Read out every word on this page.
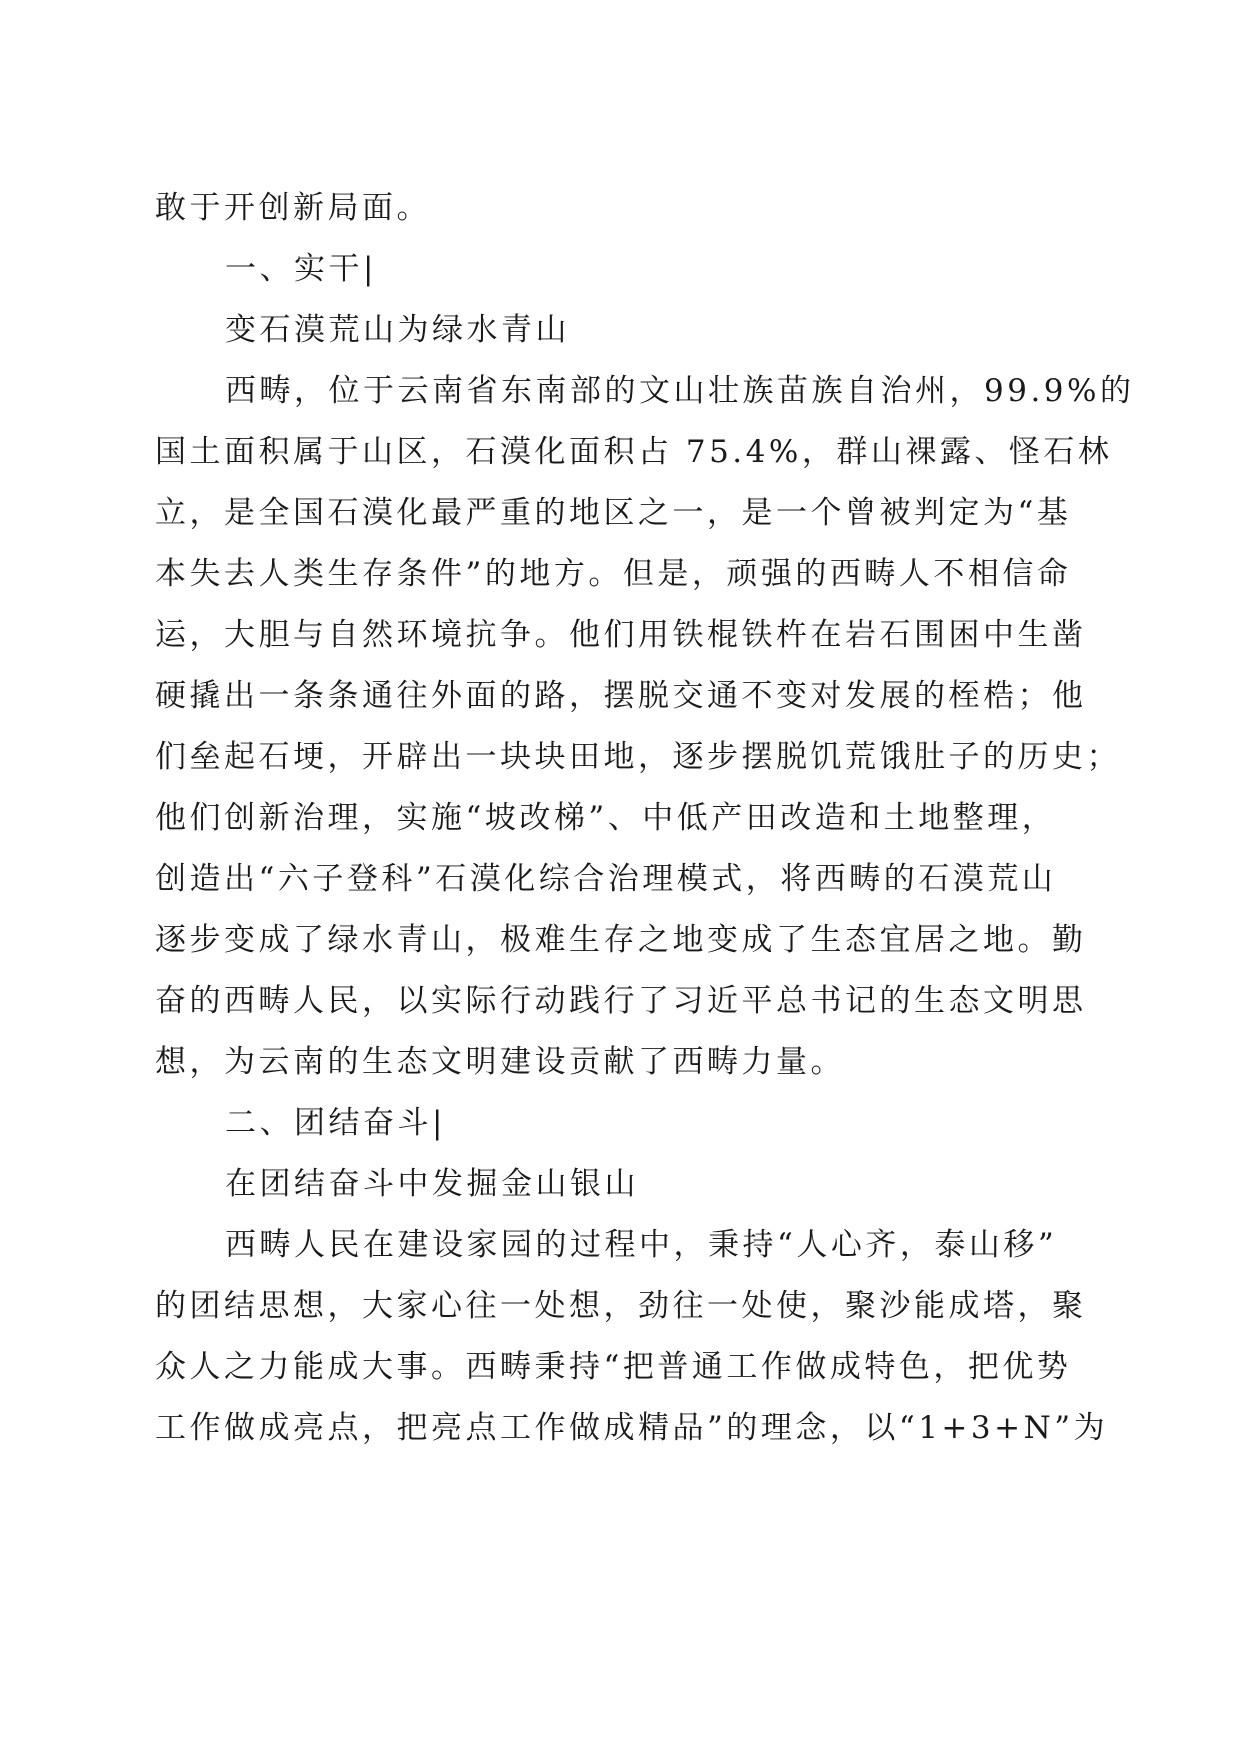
敢于开创新局面。
一、实干|
变石漠荒山为绿水青山
西畴，位于云南省东南部的文山壮族苗族自治州，99.9%的
国土面积属于山区，石漠化面积占 75.4%，群山裸露、怪石林
立，是全国石漠化最严重的地区之一，是一个曾被判定为“基
本失去人类生存条件”的地方。但是，顽强的西畴人不相信命
运，大胆与自然环境抗争。他们用铁棍铁杵在岩石围困中生凿
硬撬出一条条通往外面的路，摆脱交通不变对发展的桎梏；他
们垒起石埂，开辟出一块块田地，逐步摆脱饥荒饿肚子的历史；
他们创新治理，实施“坡改梯”、中低产田改造和土地整理，
创造出“六子登科”石漠化综合治理模式，将西畴的石漠荒山
逐步变成了绿水青山，极难生存之地变成了生态宜居之地。勤
奋的西畴人民，以实际行动践行了习近平总书记的生态文明思
想，为云南的生态文明建设贡献了西畴力量。
二、团结奋斗|
在团结奋斗中发掘金山银山
西畴人民在建设家园的过程中，秉持“人心齐，泰山移”
的团结思想，大家心往一处想，劲往一处使，聚沙能成塔，聚
众人之力能成大事。西畴秉持“把普通工作做成特色，把优势
工作做成亮点，把亮点工作做成精品”的理念，以“1+3+N”为
